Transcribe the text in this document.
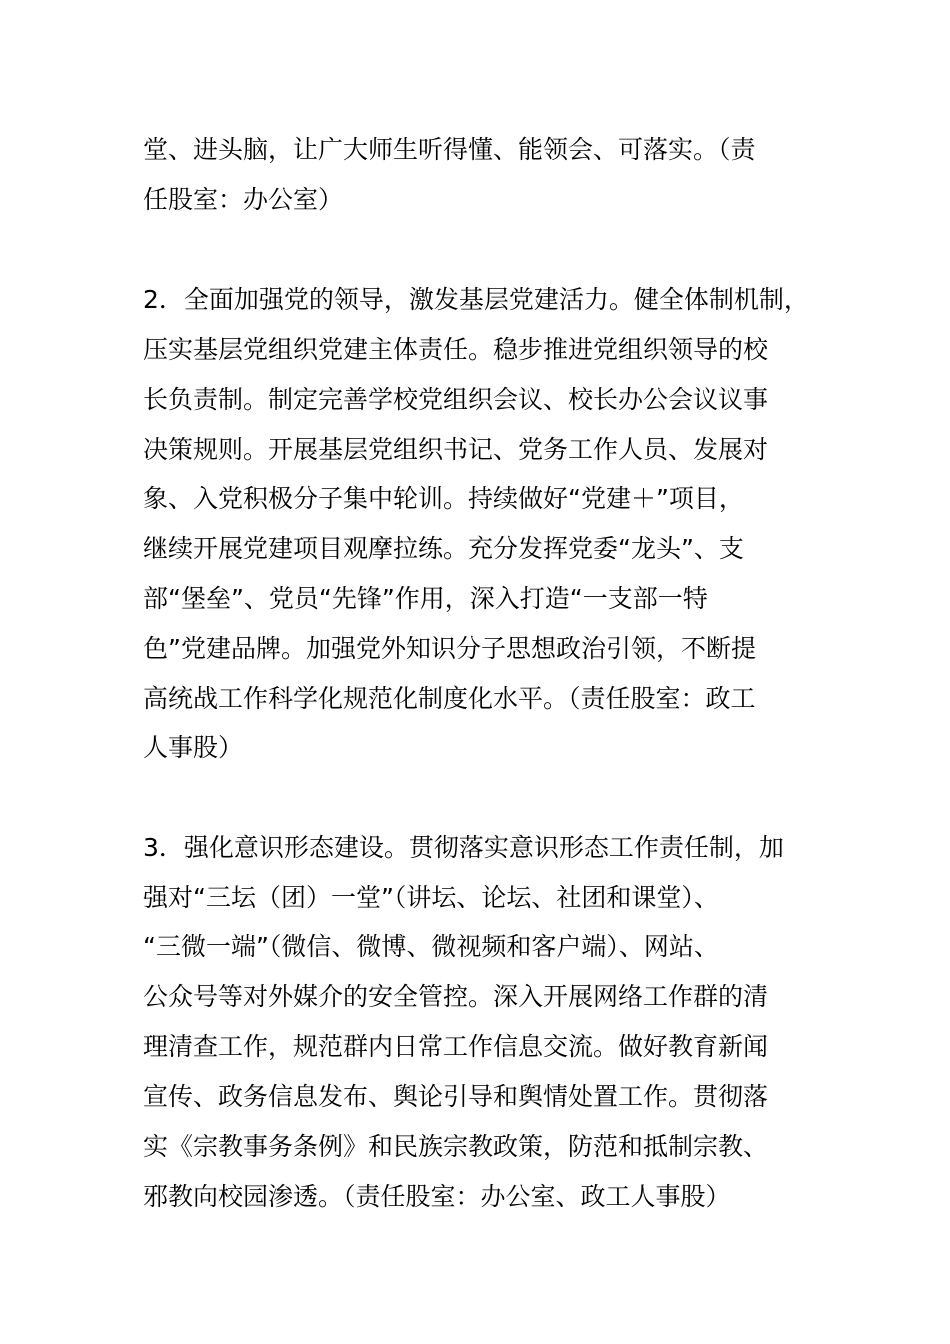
堂、进头脑，让广大师生听得懂、能领会、可落实。（责
任股室：办公室）
2．全面加强党的领导，激发基层党建活力。健全体制机制，
压实基层党组织党建主体责任。稳步推进党组织领导的校
长负责制。制定完善学校党组织会议、校长办公会议议事
决策规则。开展基层党组织书记、党务工作人员、发展对
象、入党积极分子集中轮训。持续做好“党建＋”项目，
继续开展党建项目观摩拉练。充分发挥党委“龙头”、支
部“堡垒”、党员“先锋”作用，深入打造“一支部一特
色”党建品牌。加强党外知识分子思想政治引领，不断提
高统战工作科学化规范化制度化水平。（责任股室：政工
人事股）
3．强化意识形态建设。贯彻落实意识形态工作责任制，加
强对“三坛（团）一堂”（讲坛、论坛、社团和课堂）、
“三微一端”（微信、微博、微视频和客户端）、网站、
公众号等对外媒介的安全管控。深入开展网络工作群的清
理清查工作，规范群内日常工作信息交流。做好教育新闻
宣传、政务信息发布、舆论引导和舆情处置工作。贯彻落
实《宗教事务条例》和民族宗教政策，防范和抵制宗教、
邪教向校园渗透。（责任股室：办公室、政工人事股）
